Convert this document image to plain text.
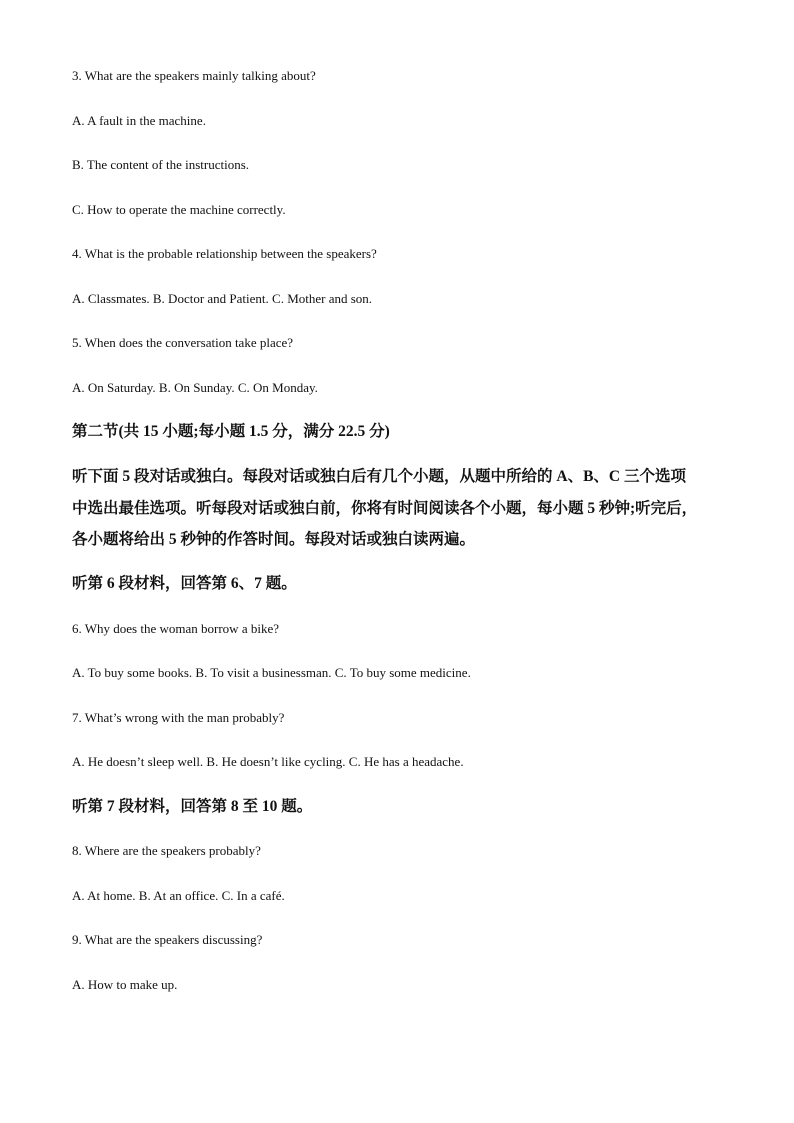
3. What are the speakers mainly talking about?
A. A fault in the machine.
B. The content of the instructions.
C. How to operate the machine correctly.
4. What is the probable relationship between the speakers?
A. Classmates. B. Doctor and Patient. C. Mother and son.
5. When does the conversation take place?
A. On Saturday. B. On Sunday. C. On Monday.
第二节(共 15 小题;每小题 1.5 分，满分 22.5 分)
听下面 5 段对话或独白。每段对话或独白后有几个小题，从题中所给的 A、B、C 三个选项
中选出最佳选项。听每段对话或独白前，你将有时间阅读各个小题，每小题 5 秒钟;听完后，
各小题将给出 5 秒钟的作答时间。每段对话或独白读两遍。
听第 6 段材料，回答第 6、7 题。
6. Why does the woman borrow a bike?
A. To buy some books. B. To visit a businessman. C. To buy some medicine.
7. What’s wrong with the man probably?
A. He doesn’t sleep well. B. He doesn’t like cycling. C. He has a headache.
听第 7 段材料，回答第 8 至 10 题。
8. Where are the speakers probably?
A. At home. B. At an office. C. In a café.
9. What are the speakers discussing?
A. How to make up.
